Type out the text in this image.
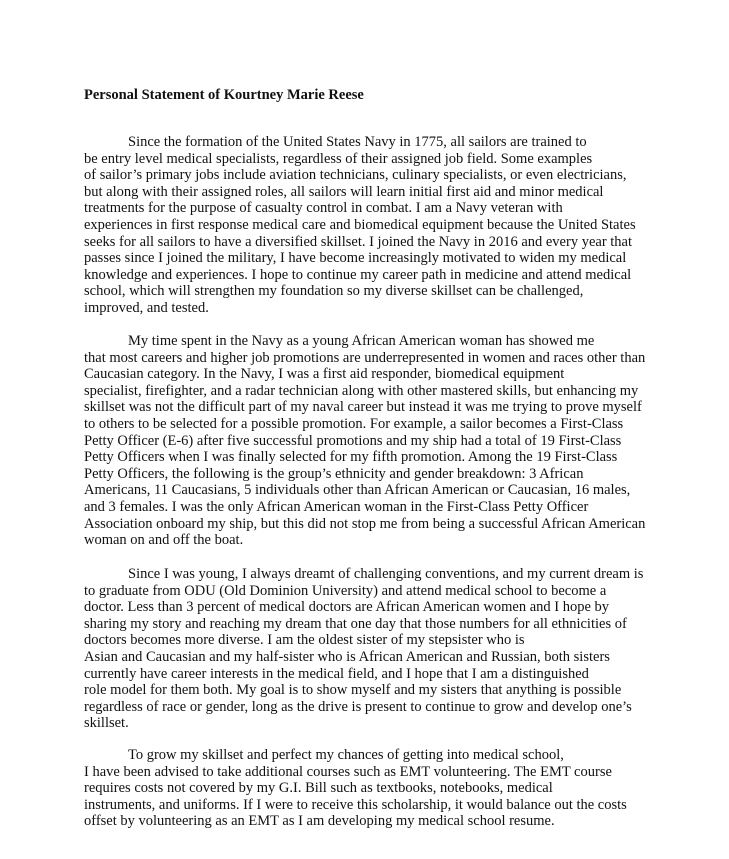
Personal Statement of Kourtney Marie Reese
Since the formation of the United States Navy in 1775, all sailors are trained to
be entry level medical specialists, regardless of their assigned job field. Some examples
of sailor’s primary jobs include aviation technicians, culinary specialists, or even electricians,
but along with their assigned roles, all sailors will learn initial first aid and minor medical
treatments for the purpose of casualty control in combat. I am a Navy veteran with
experiences in first response medical care and biomedical equipment because the United States
seeks for all sailors to have a diversified skillset. I joined the Navy in 2016 and every year that
passes since I joined the military, I have become increasingly motivated to widen my medical
knowledge and experiences. I hope to continue my career path in medicine and attend medical
school, which will strengthen my foundation so my diverse skillset can be challenged,
improved, and tested.
My time spent in the Navy as a young African American woman has showed me
that most careers and higher job promotions are underrepresented in women and races other than
Caucasian category. In the Navy, I was a first aid responder, biomedical equipment
specialist, firefighter, and a radar technician along with other mastered skills, but enhancing my
skillset was not the difficult part of my naval career but instead it was me trying to prove myself
to others to be selected for a possible promotion. For example, a sailor becomes a First-Class
Petty Officer (E-6) after five successful promotions and my ship had a total of 19 First-Class
Petty Officers when I was finally selected for my fifth promotion. Among the 19 First-Class
Petty Officers, the following is the group’s ethnicity and gender breakdown: 3 African
Americans, 11 Caucasians, 5 individuals other than African American or Caucasian, 16 males,
and 3 females. I was the only African American woman in the First-Class Petty Officer
Association onboard my ship, but this did not stop me from being a successful African American
woman on and off the boat.
Since I was young, I always dreamt of challenging conventions, and my current dream is
to graduate from ODU (Old Dominion University) and attend medical school to become a
doctor. Less than 3 percent of medical doctors are African American women and I hope by
sharing my story and reaching my dream that one day that those numbers for all ethnicities of
doctors becomes more diverse. I am the oldest sister of my stepsister who is
Asian and Caucasian and my half-sister who is African American and Russian, both sisters
currently have career interests in the medical field, and I hope that I am a distinguished
role model for them both. My goal is to show myself and my sisters that anything is possible
regardless of race or gender, long as the drive is present to continue to grow and develop one’s
skillset.
To grow my skillset and perfect my chances of getting into medical school,
I have been advised to take additional courses such as EMT volunteering. The EMT course
requires costs not covered by my G.I. Bill such as textbooks, notebooks, medical
instruments, and uniforms. If I were to receive this scholarship, it would balance out the costs
offset by volunteering as an EMT as I am developing my medical school resume.
